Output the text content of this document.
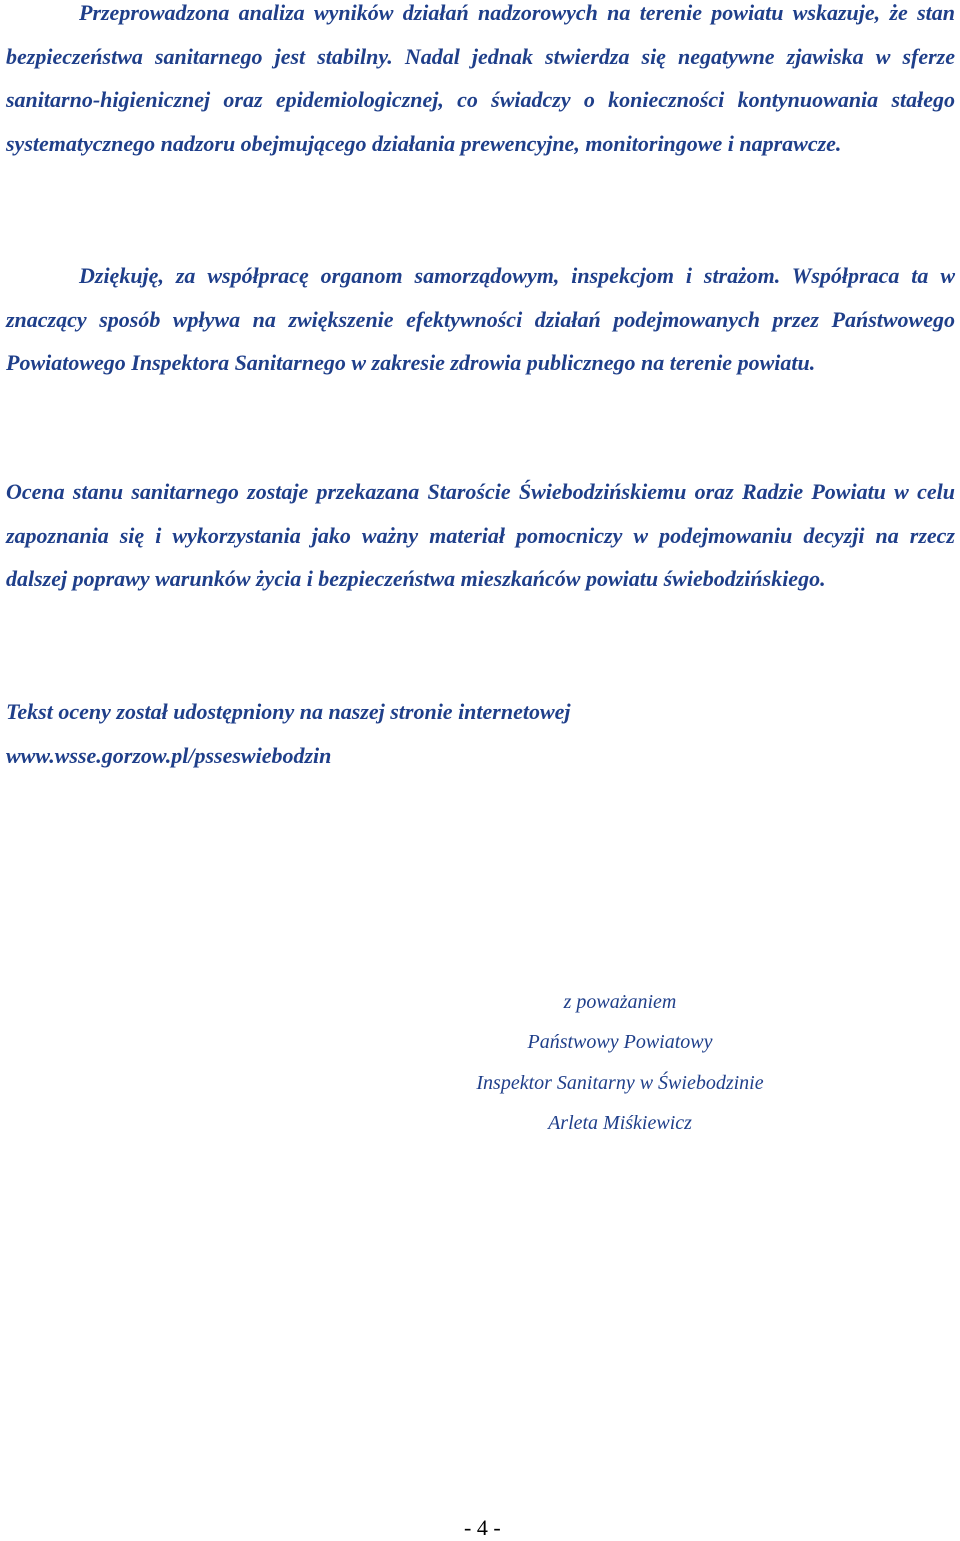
Przeprowadzona analiza wyników działań nadzorowych na terenie powiatu wskazuje, że stan bezpieczeństwa sanitarnego jest stabilny. Nadal jednak stwierdza się negatywne zjawiska w sferze sanitarno-higienicznej oraz epidemiologicznej, co świadczy o konieczności kontynuowania stałego systematycznego nadzoru obejmującego działania prewencyjne, monitoringowe i naprawcze.

Dziękuję, za współpracę organom samorządowym, inspekcjom i strażom. Współpraca ta w znaczący sposób wpływa na zwiększenie efektywności działań podejmowanych przez Państwowego Powiatowego Inspektora Sanitarnego w zakresie zdrowia publicznego na terenie powiatu.

Ocena stanu sanitarnego zostaje przekazana Staroście Świebodzińskiemu oraz Radzie Powiatu w celu zapoznania się i wykorzystania jako ważny materiał pomocniczy w podejmowaniu decyzji na rzecz dalszej poprawy warunków życia i bezpieczeństwa mieszkańców powiatu świebodzińskiego.

Tekst oceny został udostępniony na naszej stronie internetowej
www.wsse.gorzow.pl/psseswiebodzin

z poważaniem
Państwowy Powiatowy
Inspektor Sanitarny w Świebodzinie
Arleta Miśkiewicz
- 4 -
